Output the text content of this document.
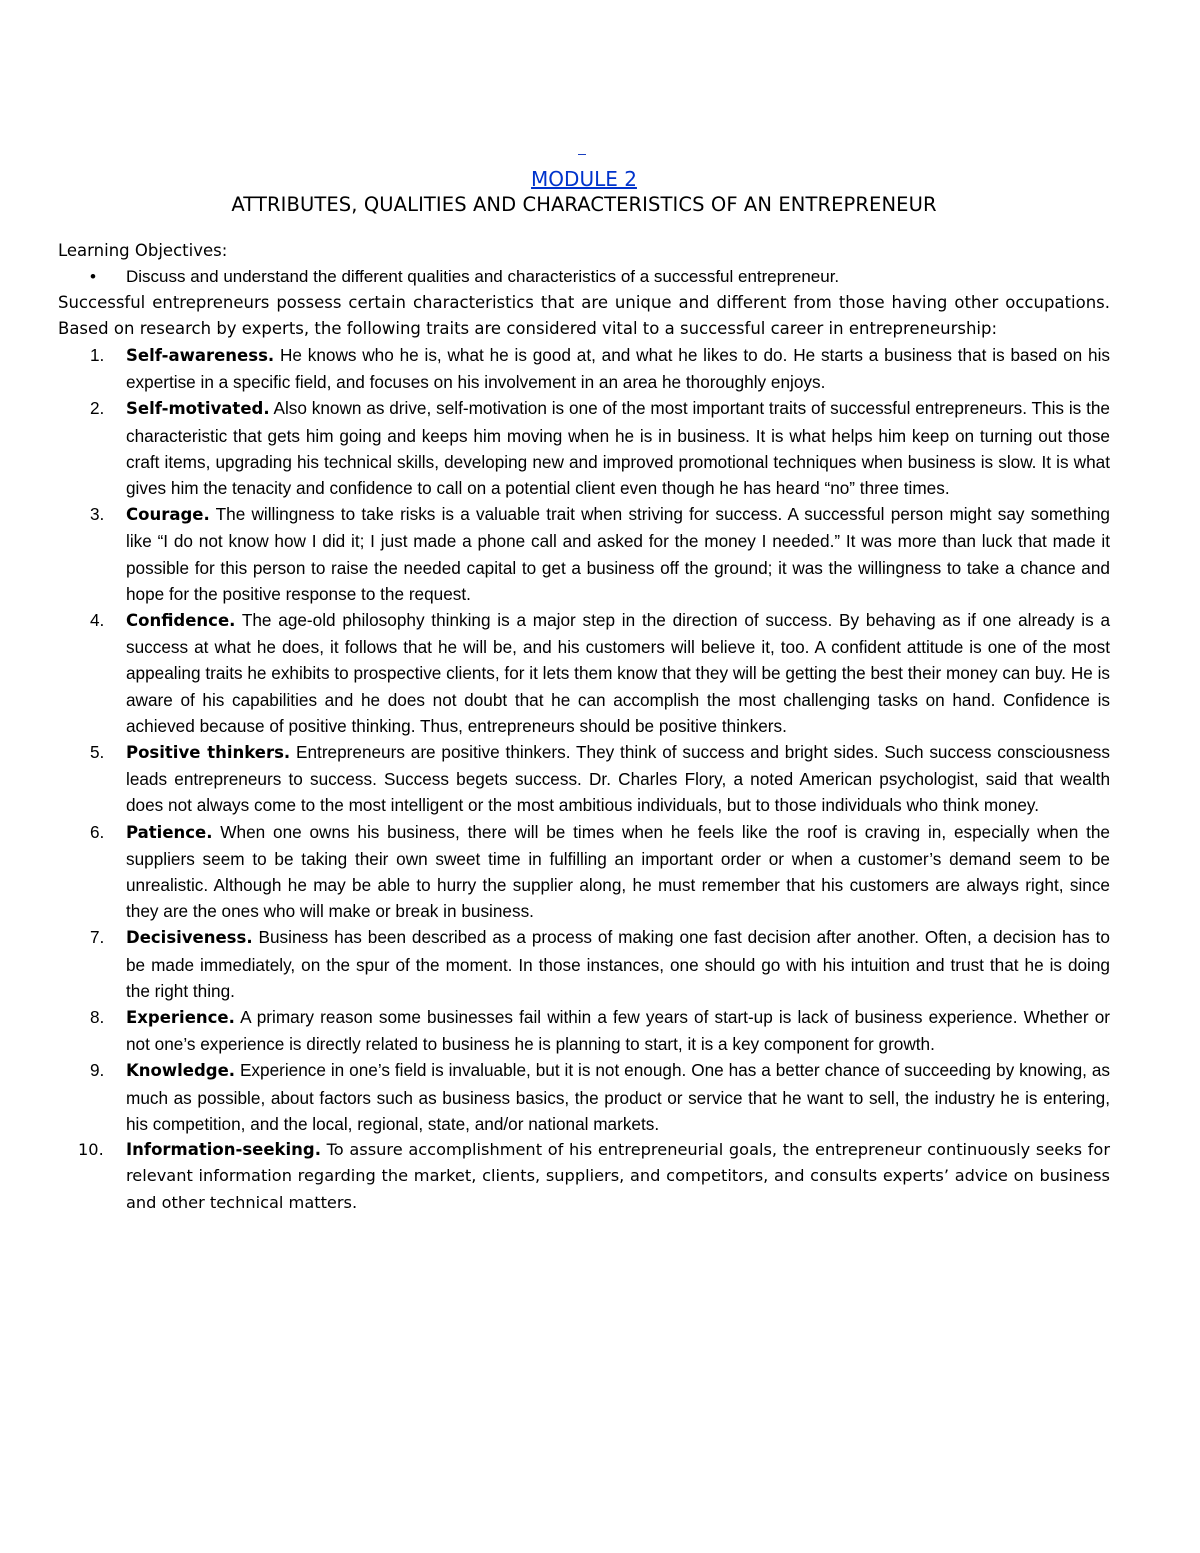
MODULE 2
ATTRIBUTES, QUALITIES AND CHARACTERISTICS OF AN ENTREPRENEUR
Learning Objectives:
• Discuss and understand the different qualities and characteristics of a successful entrepreneur.

Successful entrepreneurs possess certain characteristics that are unique and different from those having other occupations. Based on research by experts, the following traits are considered vital to a successful career in entrepreneurship:

1. Self-awareness. He knows who he is, what he is good at, and what he likes to do. He starts a business that is based on his expertise in a specific field, and focuses on his involvement in an area he thoroughly enjoys.
2. Self-motivated. Also known as drive, self-motivation is one of the most important traits of successful entrepreneurs. This is the characteristic that gets him going and keeps him moving when he is in business. It is what helps him keep on turning out those craft items, upgrading his technical skills, developing new and improved promotional techniques when business is slow. It is what gives him the tenacity and confidence to call on a potential client even though he has heard “no” three times.
3. Courage. The willingness to take risks is a valuable trait when striving for success. A successful person might say something like “I do not know how I did it; I just made a phone call and asked for the money I needed.” It was more than luck that made it possible for this person to raise the needed capital to get a business off the ground; it was the willingness to take a chance and hope for the positive response to the request.
4. Confidence. The age-old philosophy thinking is a major step in the direction of success. By behaving as if one already is a success at what he does, it follows that he will be, and his customers will believe it, too. A confident attitude is one of the most appealing traits he exhibits to prospective clients, for it lets them know that they will be getting the best their money can buy. He is aware of his capabilities and he does not doubt that he can accomplish the most challenging tasks on hand. Confidence is achieved because of positive thinking. Thus, entrepreneurs should be positive thinkers.
5. Positive thinkers. Entrepreneurs are positive thinkers. They think of success and bright sides. Such success consciousness leads entrepreneurs to success. Success begets success. Dr. Charles Flory, a noted American psychologist, said that wealth does not always come to the most intelligent or the most ambitious individuals, but to those individuals who think money.
6. Patience. When one owns his business, there will be times when he feels like the roof is craving in, especially when the suppliers seem to be taking their own sweet time in fulfilling an important order or when a customer’s demand seem to be unrealistic. Although he may be able to hurry the supplier along, he must remember that his customers are always right, since they are the ones who will make or break in business.
7. Decisiveness. Business has been described as a process of making one fast decision after another. Often, a decision has to be made immediately, on the spur of the moment. In those instances, one should go with his intuition and trust that he is doing the right thing.
8. Experience. A primary reason some businesses fail within a few years of start-up is lack of business experience. Whether or not one’s experience is directly related to business he is planning to start, it is a key component for growth.
9. Knowledge. Experience in one’s field is invaluable, but it is not enough. One has a better chance of succeeding by knowing, as much as possible, about factors such as business basics, the product or service that he want to sell, the industry he is entering, his competition, and the local, regional, state, and/or national markets.
10. Information-seeking. To assure accomplishment of his entrepreneurial goals, the entrepreneur continuously seeks for relevant information regarding the market, clients, suppliers, and competitors, and consults experts’ advice on business and other technical matters.
